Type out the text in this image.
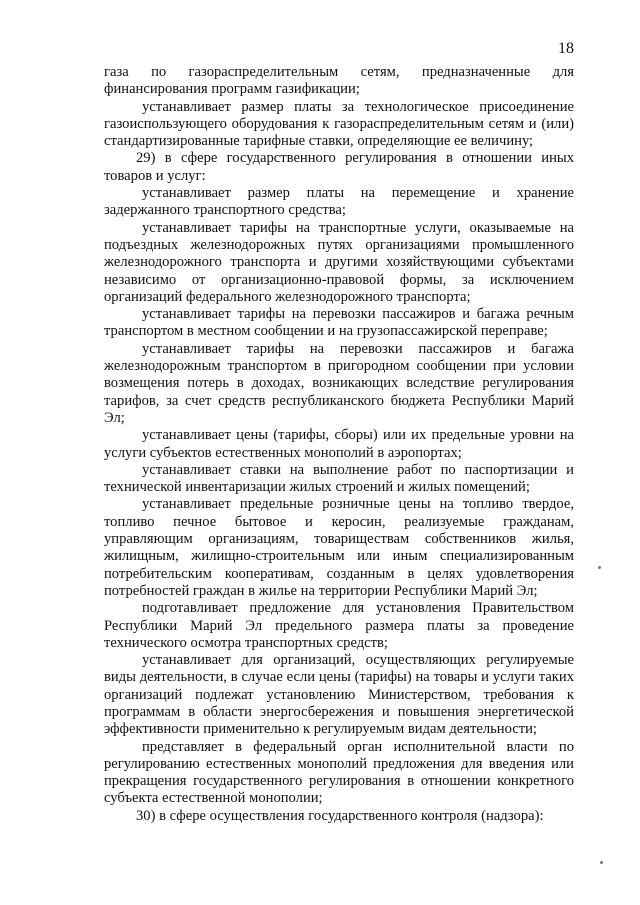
18

газа по газораспределительным сетям, предназначенные для финансирования программ газификации;

устанавливает размер платы за технологическое присоединение газоиспользующего оборудования к газораспределительным сетям и (или) стандартизированные тарифные ставки, определяющие ее величину;

29) в сфере государственного регулирования в отношении иных товаров и услуг:

устанавливает размер платы на перемещение и хранение задержанного транспортного средства;

устанавливает тарифы на транспортные услуги, оказываемые на подъездных железнодорожных путях организациями промышленного железнодорожного транспорта и другими хозяйствующими субъектами независимо от организационно-правовой формы, за исключением организаций федерального железнодорожного транспорта;

устанавливает тарифы на перевозки пассажиров и багажа речным транспортом в местном сообщении и на грузопассажирской переправе;

устанавливает тарифы на перевозки пассажиров и багажа железнодорожным транспортом в пригородном сообщении при условии возмещения потерь в доходах, возникающих вследствие регулирования тарифов, за счет средств республиканского бюджета Республики Марий Эл;

устанавливает цены (тарифы, сборы) или их предельные уровни на услуги субъектов естественных монополий в аэропортах;

устанавливает ставки на выполнение работ по паспортизации и технической инвентаризации жилых строений и жилых помещений;

устанавливает предельные розничные цены на топливо твердое, топливо печное бытовое и керосин, реализуемые гражданам, управляющим организациям, товариществам собственников жилья, жилищным, жилищно-строительным или иным специализированным потребительским кооперативам, созданным в целях удовлетворения потребностей граждан в жилье на территории Республики Марий Эл;

подготавливает предложение для установления Правительством Республики Марий Эл предельного размера платы за проведение технического осмотра транспортных средств;

устанавливает для организаций, осуществляющих регулируемые виды деятельности, в случае если цены (тарифы) на товары и услуги таких организаций подлежат установлению Министерством, требования к программам в области энергосбережения и повышения энергетической эффективности применительно к регулируемым видам деятельности;

представляет в федеральный орган исполнительной власти по регулированию естественных монополий предложения для введения или прекращения государственного регулирования в отношении конкретного субъекта естественной монополии;

30) в сфере осуществления государственного контроля (надзора):
